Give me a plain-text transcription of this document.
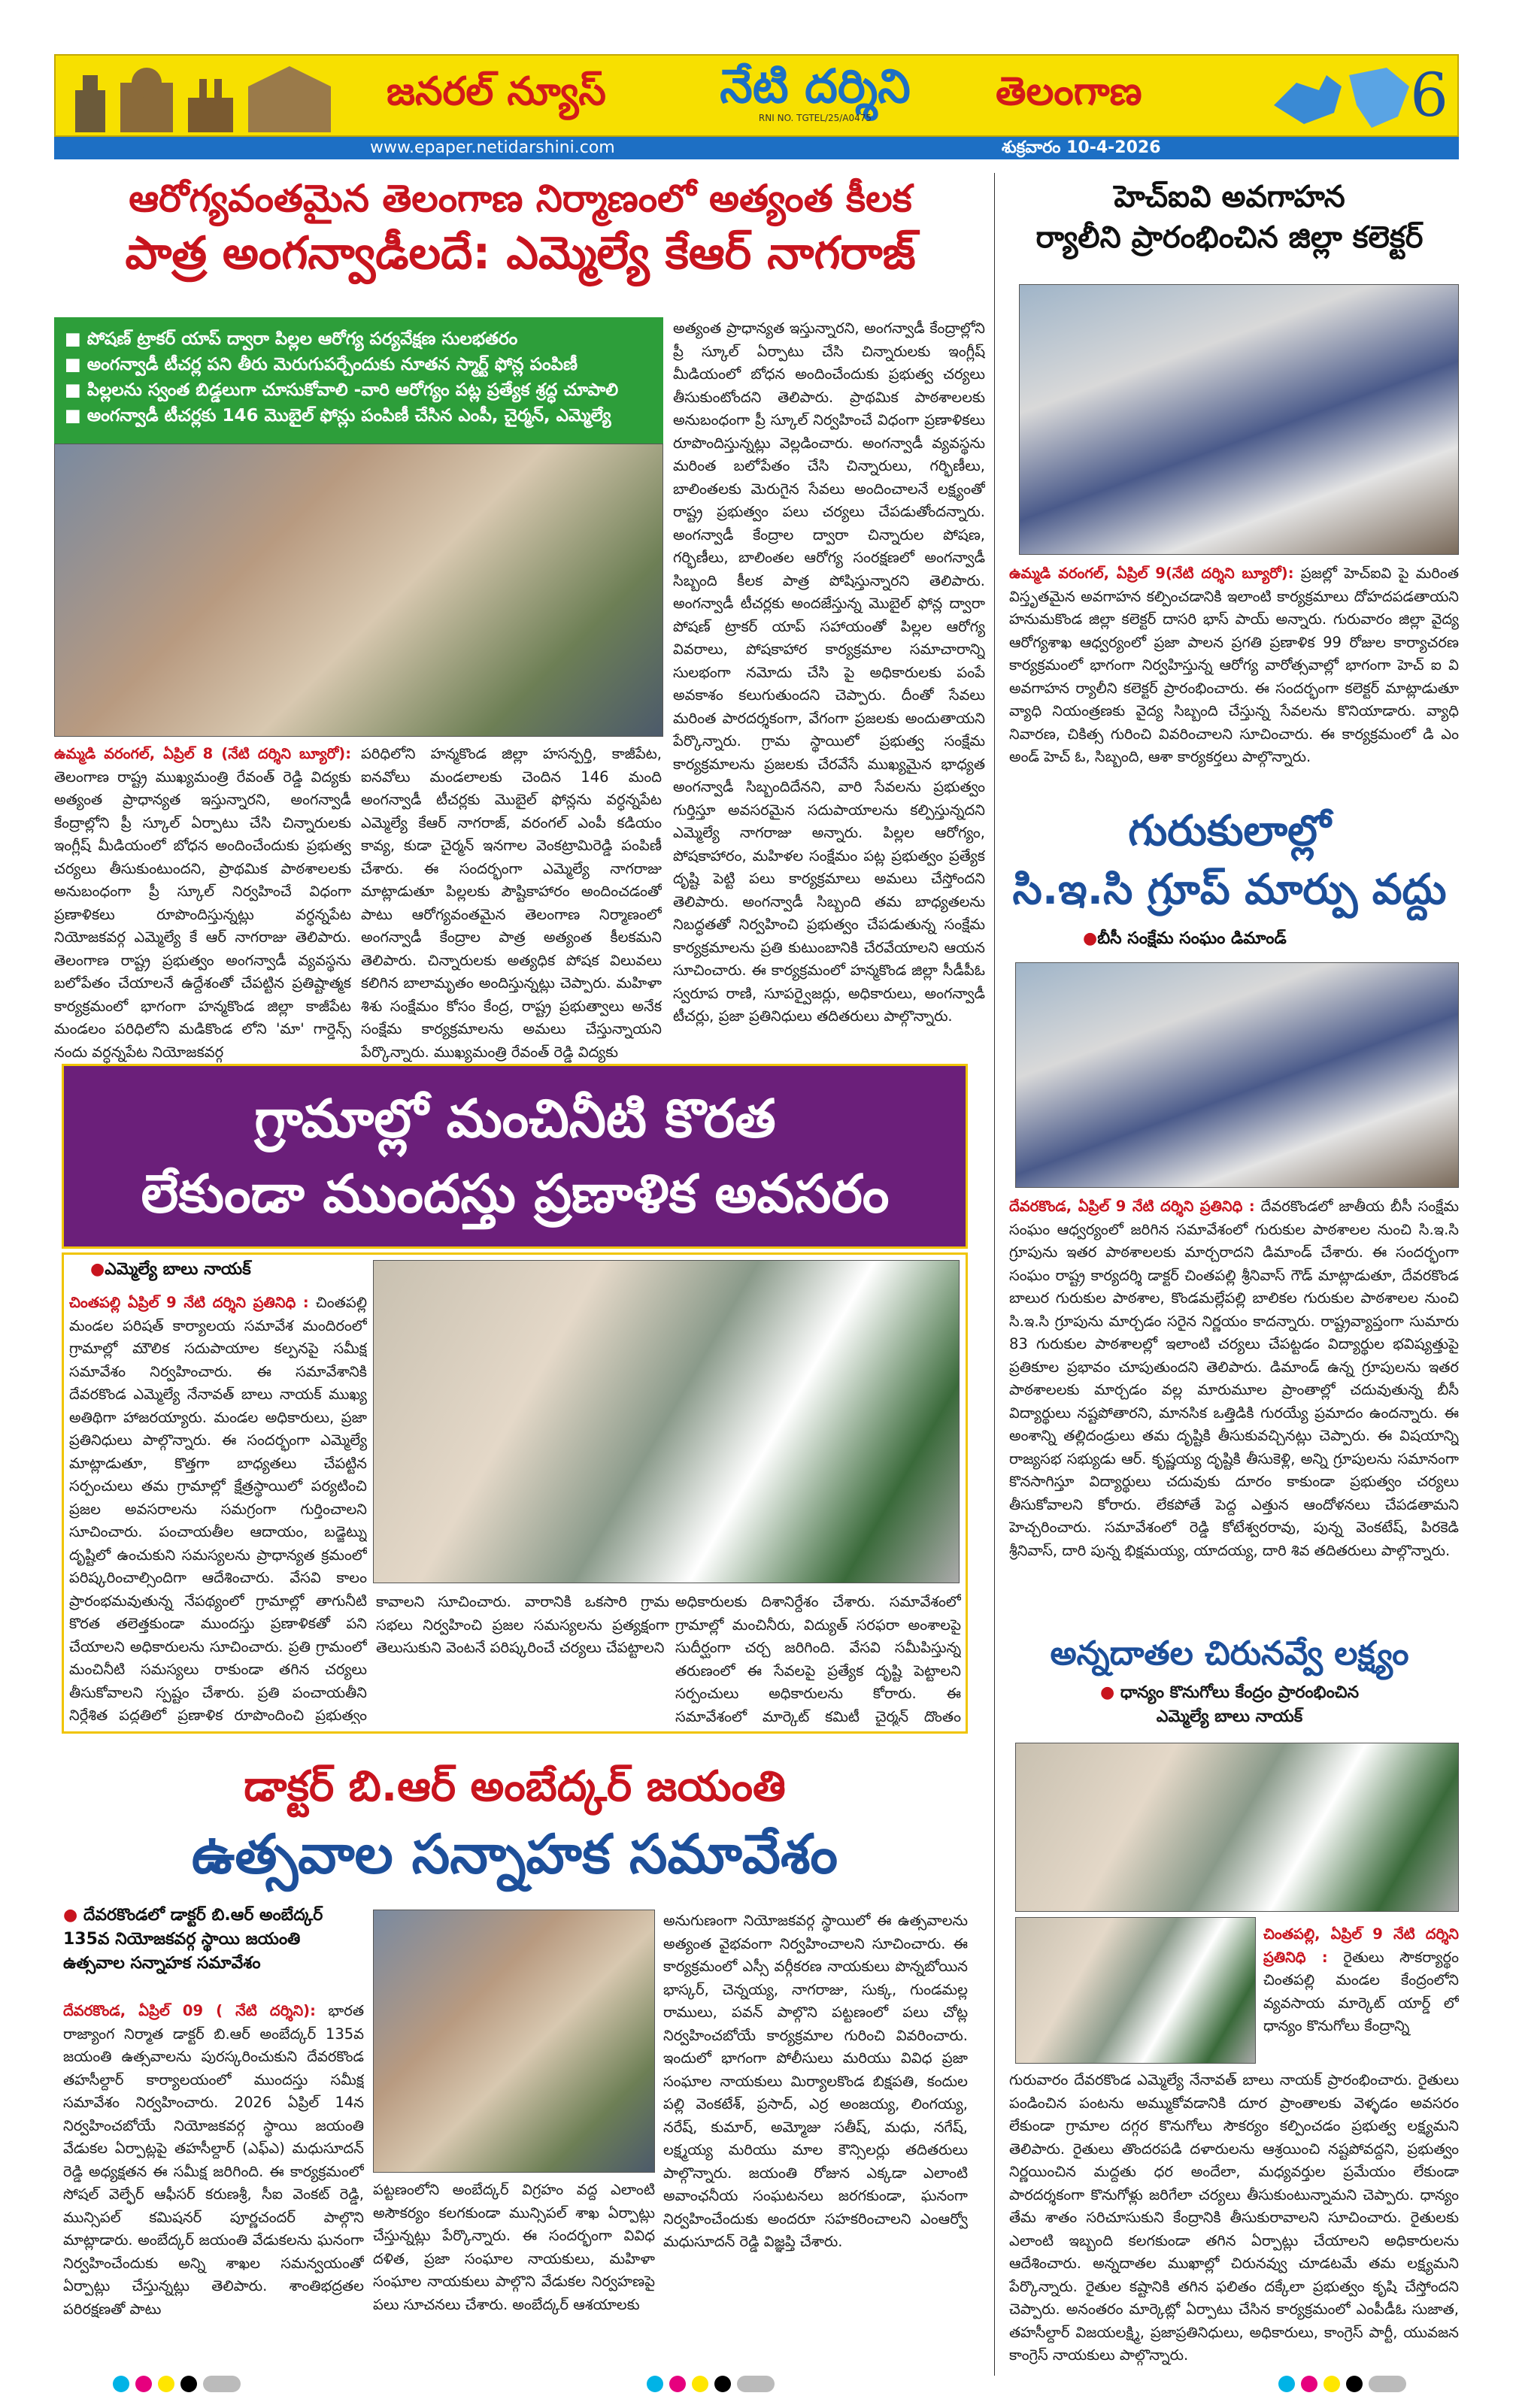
జనరల్ న్యూస్ నేటి దర్శిని
RNI NO. TGTEL/25/A0475
తెలంగాణ	6
www.epaper.netidarshini.com	శుక్రవారం 10-4-2026
ఆరోగ్యవంతమైన తెలంగాణ నిర్మాణంలో అత్యంత కీలక
పాత్ర అంగన్వాడీలదే: ఎమ్మెల్యే కేఆర్ నాగరాజ్
■ పోషణ్ ట్రాకర్ యాప్ ద్వారా పిల్లల ఆరోగ్య పర్యవేక్షణ సులభతరం
■ అంగన్వాడీ టీచర్ల పని తీరు మెరుగుపర్చేందుకు నూతన స్మార్ట్ ఫోన్ల పంపిణీ
■ పిల్లలను స్వంత బిడ్డలుగా చూసుకోవాలి -వారి ఆరోగ్యం పట్ల ప్రత్యేక శ్రద్ధ చూపాలి
■ అంగన్వాడీ టీచర్లకు 146 మొబైల్ ఫోన్లు పంపిణీ చేసిన ఎంపీ, చైర్మన్, ఎమ్మెల్యే
ఉమ్మడి వరంగల్, ఏప్రిల్ 8 (నేటి దర్శిని బ్యూరో): తెలంగాణ రాష్ట్ర ముఖ్యమంత్రి రేవంత్ రెడ్డి విద్యకు అత్యంత ప్రాధాన్యత ఇస్తున్నారని, అంగన్వాడీ కేంద్రాల్లోని ప్రీ స్కూల్ ఏర్పాటు చేసి చిన్నారులకు ఇంగ్లీష్ మీడియంలో బోధన అందించేందుకు ప్రభుత్వ చర్యలు తీసుకుంటుందని, ప్రాథమిక పాఠశాలలకు అనుబంధంగా ప్రీ స్కూల్ నిర్వహించే విధంగా ప్రణాళికలు రూపొందిస్తున్నట్లు వర్ధన్నపేట నియోజకవర్గ ఎమ్మెల్యే కే ఆర్ నాగరాజు తెలిపారు. తెలంగాణ రాష్ట్ర ప్రభుత్వం అంగన్వాడీ వ్యవస్థను బలోపేతం చేయాలనే ఉద్దేశంతో చేపట్టిన ప్రతిష్టాత్మక కార్యక్రమంలో భాగంగా హన్మకొండ జిల్లా కాజీపేట మండలం పరిధిలోని మడికొండ లోని 'మా' గార్డెన్స్ నందు వర్ధన్నపేట నియోజకవర్గ
పరిధిలోని హన్మకొండ జిల్లా హసన్పర్తి, కాజీపేట, ఐనవోలు మండలాలకు చెందిన 146 మంది అంగన్వాడీ టీచర్లకు మొబైల్ ఫోన్లను వర్ధన్నపేట ఎమ్మెల్యే కేఆర్ నాగరాజ్, వరంగల్ ఎంపీ కడియం కావ్య, కుడా చైర్మన్ ఇనగాల వెంకట్రామిరెడ్డి పంపిణీ చేశారు. ఈ సందర్భంగా ఎమ్మెల్యే నాగరాజు మాట్లాడుతూ పిల్లలకు పౌష్టికాహారం అందించడంతో పాటు ఆరోగ్యవంతమైన తెలంగాణ నిర్మాణంలో అంగన్వాడీ కేంద్రాల పాత్ర అత్యంత కీలకమని తెలిపారు. చిన్నారులకు అత్యధిక పోషక విలువలు కలిగిన బాలామృతం అందిస్తున్నట్లు చెప్పారు. మహిళా శిశు సంక్షేమం కోసం కేంద్ర, రాష్ట్ర ప్రభుత్వాలు అనేక సంక్షేమ కార్యక్రమాలను అమలు చేస్తున్నాయని పేర్కొన్నారు. ముఖ్యమంత్రి రేవంత్ రెడ్డి విద్యకు
అత్యంత ప్రాధాన్యత ఇస్తున్నారని, అంగన్వాడీ కేంద్రాల్లోని ప్రీ స్కూల్ ఏర్పాటు చేసి చిన్నారులకు ఇంగ్లీష్ మీడియంలో బోధన అందించేందుకు ప్రభుత్వ చర్యలు తీసుకుంటోందని తెలిపారు. ప్రాథమిక పాఠశాలలకు అనుబంధంగా ప్రీ స్కూల్ నిర్వహించే విధంగా ప్రణాళికలు రూపొందిస్తున్నట్లు వెల్లడించారు. అంగన్వాడీ వ్యవస్థను మరింత బలోపేతం చేసి చిన్నారులు, గర్భిణీలు, బాలింతలకు మెరుగైన సేవలు అందించాలనే లక్ష్యంతో రాష్ట్ర ప్రభుత్వం పలు చర్యలు చేపడుతోందన్నారు. అంగన్వాడీ కేంద్రాల ద్వారా చిన్నారుల పోషణ, గర్భిణీలు, బాలింతల ఆరోగ్య సంరక్షణలో అంగన్వాడీ సిబ్బంది కీలక పాత్ర పోషిస్తున్నారని తెలిపారు. అంగన్వాడీ టీచర్లకు అందజేస్తున్న మొబైల్ ఫోన్ల ద్వారా పోషణ్ ట్రాకర్ యాప్ సహాయంతో పిల్లల ఆరోగ్య వివరాలు, పోషకాహార కార్యక్రమాల సమాచారాన్ని సులభంగా నమోదు చేసి పై అధికారులకు పంపే అవకాశం కలుగుతుందని చెప్పారు. దీంతో సేవలు మరింత పారదర్శకంగా, వేగంగా ప్రజలకు అందుతాయని పేర్కొన్నారు. గ్రామ స్థాయిలో ప్రభుత్వ సంక్షేమ కార్యక్రమాలను ప్రజలకు చేరవేసే ముఖ్యమైన భాధ్యత అంగన్వాడీ సిబ్బందిదేనని, వారి సేవలను ప్రభుత్వం గుర్తిస్తూ అవసరమైన సదుపాయాలను కల్పిస్తున్నదని ఎమ్మెల్యే నాగరాజు అన్నారు. పిల్లల ఆరోగ్యం, పోషకాహారం, మహిళల సంక్షేమం పట్ల ప్రభుత్వం ప్రత్యేక దృష్టి పెట్టి పలు కార్యక్రమాలు అమలు చేస్తోందని తెలిపారు. అంగన్వాడీ సిబ్బంది తమ బాధ్యతలను నిబద్ధతతో నిర్వహించి ప్రభుత్వం చేపడుతున్న సంక్షేమ కార్యక్రమాలను ప్రతి కుటుంబానికి చేరవేయాలని ఆయన సూచించారు. ఈ కార్యక్రమంలో హన్మకొండ జిల్లా సీడీపీఓ స్వరూప రాణి, సూపర్వైజర్లు, అధికారులు, అంగన్వాడీ టీచర్లు, ప్రజా ప్రతినిధులు తదితరులు పాల్గొన్నారు.
హెచ్ఐవి అవగాహన
ర్యాలీని ప్రారంభించిన జిల్లా కలెక్టర్
ఉమ్మడి వరంగల్, ఏప్రిల్ 9(నేటి దర్శిని బ్యూరో): ప్రజల్లో హెచ్ఐవి పై మరింత విస్తృతమైన అవగాహన కల్పించడానికి ఇలాంటి కార్యక్రమాలు దోహదపడతాయని హనుమకొండ జిల్లా కలెక్టర్ దాసరి భాస్ పాయ్ అన్నారు. గురువారం జిల్లా వైద్య ఆరోగ్యశాఖ ఆధ్వర్యంలో ప్రజా పాలన ప్రగతి ప్రణాళిక 99 రోజుల కార్యాచరణ కార్యక్రమంలో భాగంగా నిర్వహిస్తున్న ఆరోగ్య వారోత్సవాల్లో భాగంగా హెచ్ ఐ వి అవగాహన ర్యాలీని కలెక్టర్ ప్రారంభించారు. ఈ సందర్భంగా కలెక్టర్ మాట్లాడుతూ వ్యాధి నియంత్రణకు వైద్య సిబ్బంది చేస్తున్న సేవలను కొనియాడారు. వ్యాధి నివారణ, చికిత్స గురించి వివరించాలని సూచించారు. ఈ కార్యక్రమంలో డి ఎం అండ్ హెచ్ ఓ, సిబ్బంది, ఆశా కార్యకర్తలు పాల్గొన్నారు.
గురుకులాల్లో
సి.ఇ.సి గ్రూప్ మార్పు వద్దు
● బీసీ సంక్షేమ సంఘం డిమాండ్
దేవరకొండ, ఏప్రిల్ 9 నేటి దర్శిని ప్రతినిధి : దేవరకొండలో జాతీయ బీసీ సంక్షేమ సంఘం ఆధ్వర్యంలో జరిగిన సమావేశంలో గురుకుల పాఠశాలల నుంచి సి.ఇ.సి గ్రూపును ఇతర పాఠశాలలకు మార్చరాదని డిమాండ్ చేశారు. ఈ సందర్భంగా సంఘం రాష్ట్ర కార్యదర్శి డాక్టర్ చింతపల్లి శ్రీనివాస్ గౌడ్ మాట్లాడుతూ, దేవరకొండ బాలుర గురుకుల పాఠశాల, కొండమల్లేపల్లి బాలికల గురుకుల పాఠశాలల నుంచి సి.ఇ.సి గ్రూపును మార్చడం సరైన నిర్ణయం కాదన్నారు. రాష్ట్రవ్యాప్తంగా సుమారు 83 గురుకుల పాఠశాలల్లో ఇలాంటి చర్యలు చేపట్టడం విద్యార్థుల భవిష్యత్తుపై ప్రతికూల ప్రభావం చూపుతుందని తెలిపారు. డిమాండ్ ఉన్న గ్రూపులను ఇతర పాఠశాలలకు మార్చడం వల్ల మారుమూల ప్రాంతాల్లో చదువుతున్న బీసీ విద్యార్థులు నష్టపోతారని, మానసిక ఒత్తిడికి గురయ్యే ప్రమాదం ఉందన్నారు. ఈ అంశాన్ని తల్లిదండ్రులు తమ దృష్టికి తీసుకువచ్చినట్లు చెప్పారు. ఈ విషయాన్ని రాజ్యసభ సభ్యుడు ఆర్. కృష్ణయ్య దృష్టికి తీసుకెళ్లి, అన్ని గ్రూపులను సమానంగా కొనసాగిస్తూ విద్యార్థులు చదువుకు దూరం కాకుండా ప్రభుత్వం చర్యలు తీసుకోవాలని కోరారు. లేకపోతే పెద్ద ఎత్తున ఆందోళనలు చేపడతామని హెచ్చరించారు. సమావేశంలో రెడ్డి కోటేశ్వరరావు, పున్న వెంకటేష్, పిరకెడి శ్రీనివాస్, దారి పున్న భిక్షమయ్య, యాదయ్య, దారి శివ తదితరులు పాల్గొన్నారు.
గ్రామాల్లో మంచినీటి కొరత
లేకుండా ముందస్తు ప్రణాళిక అవసరం
● ఎమ్మెల్యే బాలు నాయక్
చింతపల్లి ఏప్రిల్ 9 నేటి దర్శిని ప్రతినిధి : చింతపల్లి మండల పరిషత్ కార్యాలయ సమావేశ మందిరంలో గ్రామాల్లో మౌలిక సదుపాయాల కల్పనపై సమీక్ష సమావేశం నిర్వహించారు. ఈ సమావేశానికి దేవరకొండ ఎమ్మెల్యే నేనావత్ బాలు నాయక్ ముఖ్య అతిథిగా హాజరయ్యారు. మండల అధికారులు, ప్రజా ప్రతినిధులు పాల్గొన్నారు. ఈ సందర్భంగా ఎమ్మెల్యే మాట్లాడుతూ, కొత్తగా బాధ్యతలు చేపట్టిన సర్పంచులు తమ గ్రామాల్లో క్షేత్రస్థాయిలో పర్యటించి ప్రజల అవసరాలను సమగ్రంగా గుర్తించాలని సూచించారు. పంచాయతీల ఆదాయం, బడ్జెట్ను దృష్టిలో ఉంచుకుని సమస్యలను ప్రాధాన్యత క్రమంలో పరిష్కరించాల్సిందిగా ఆదేశించారు. వేసవి కాలం ప్రారంభమవుతున్న నేపథ్యంలో గ్రామాల్లో తాగునీటి కొరత తలెత్తకుండా ముందస్తు ప్రణాళికతో పని చేయాలని అధికారులను సూచించారు. ప్రతి గ్రామంలో మంచినీటి సమస్యలు రాకుండా తగిన చర్యలు తీసుకోవాలని స్పష్టం చేశారు. ప్రతి పంచాయతీని నిర్దేశిత పద్ధతిలో ప్రణాళిక రూపొందించి ప్రభుత్వం
కావాలని సూచించారు. వారానికి ఒకసారి గ్రామ సభలు నిర్వహించి ప్రజల సమస్యలను ప్రత్యక్షంగా తెలుసుకుని వెంటనే పరిష్కరించే చర్యలు చేపట్టాలని
అధికారులకు దిశానిర్దేశం చేశారు. సమావేశంలో గ్రామాల్లో మంచినీరు, విద్యుత్ సరఫరా అంశాలపై సుదీర్ఘంగా చర్చ జరిగింది. వేసవి సమీపిస్తున్న తరుణంలో ఈ సేవలపై ప్రత్యేక దృష్టి పెట్టాలని సర్పంచులు అధికారులను కోరారు. ఈ సమావేశంలో మార్కెట్ కమిటీ చైర్మన్ దొంతం
డాక్టర్ బి.ఆర్ అంబేద్కర్ జయంతి
ఉత్సవాల సన్నాహక సమావేశం
● దేవరకొండలో డాక్టర్ బి.ఆర్ అంబేద్కర్ 135వ నియోజకవర్గ స్థాయి జయంతి ఉత్సవాల సన్నాహక సమావేశం
దేవరకొండ, ఏప్రిల్ 09 ( నేటి దర్శిని): భారత రాజ్యాంగ నిర్మాత డాక్టర్ బి.ఆర్ అంబేద్కర్ 135వ జయంతి ఉత్సవాలను పురస్కరించుకుని దేవరకొండ తహసీల్దార్ కార్యాలయంలో ముందస్తు సమీక్ష సమావేశం నిర్వహించారు. 2026 ఏప్రిల్ 14న నిర్వహించబోయే నియోజకవర్గ స్థాయి జయంతి వేడుకల ఏర్పాట్లపై తహసీల్దార్ (ఎఫ్ఎ) మధుసూదన్ రెడ్డి అధ్యక్షతన ఈ సమీక్ష జరిగింది. ఈ కార్యక్రమంలో సోషల్ వెల్ఫేర్ ఆఫీసర్ కరుణశ్రీ, సీఐ వెంకట్ రెడ్డి, మున్సిపల్ కమిషనర్ పూర్ణచందర్ పాల్గొని మాట్లాడారు. అంబేద్కర్ జయంతి వేడుకలను ఘనంగా నిర్వహించేందుకు అన్ని శాఖల సమన్వయంతో ఏర్పాట్లు చేస్తున్నట్లు తెలిపారు. శాంతిభద్రతల పరిరక్షణతో పాటు
పట్టణంలోని అంబేద్కర్ విగ్రహం వద్ద ఎలాంటి అసౌకర్యం కలగకుండా మున్సిపల్ శాఖ ఏర్పాట్లు చేస్తున్నట్లు పేర్కొన్నారు. ఈ సందర్భంగా వివిధ దళిత, ప్రజా సంఘాల నాయకులు, మహిళా సంఘాల నాయకులు పాల్గొని వేడుకల నిర్వహణపై పలు సూచనలు చేశారు. అంబేద్కర్ ఆశయాలకు
అనుగుణంగా నియోజకవర్గ స్థాయిలో ఈ ఉత్సవాలను అత్యంత వైభవంగా నిర్వహించాలని సూచించారు. ఈ కార్యక్రమంలో ఎస్సీ వర్గీకరణ నాయకులు పొన్నబోయిన భాస్కర్, చెన్నయ్య, నాగరాజు, సుక్క, గుండమల్ల రాములు, పవన్ పాల్గొని పట్టణంలో పలు చోట్ల నిర్వహించబోయే కార్యక్రమాల గురించి వివరించారు. ఇందులో భాగంగా పోలీసులు మరియు వివిధ ప్రజా సంఘాల నాయకులు మిర్యాలకొండ బిక్షపతి, కందుల పల్లి వెంకటేశ్, ప్రసాద్, ఎర్ర అంజయ్య, లింగయ్య, నరేష్, కుమార్, అమ్మోజు సతీష్, మధు, నగేష్, లక్ష్మయ్య మరియు మాల కౌన్సిలర్లు తదితరులు పాల్గొన్నారు. జయంతి రోజున ఎక్కడా ఎలాంటి అవాంఛనీయ సంఘటనలు జరగకుండా, ఘనంగా నిర్వహించేందుకు అందరూ సహకరించాలని ఎంఆర్వో మధుసూదన్ రెడ్డి విజ్ఞప్తి చేశారు.
అన్నదాతల చిరునవ్వే లక్ష్యం
● ధాన్యం కొనుగోలు కేంద్రం ప్రారంభించిన
ఎమ్మెల్యే బాలు నాయక్
చింతపల్లి, ఏప్రిల్ 9 నేటి దర్శిని ప్రతినిధి : రైతులు సౌకర్యార్థం చింతపల్లి మండల కేంద్రంలోని వ్యవసాయ మార్కెట్ యార్డ్ లో ధాన్యం కొనుగోలు కేంద్రాన్ని
గురువారం దేవరకొండ ఎమ్మెల్యే నేనావత్ బాలు నాయక్ ప్రారంభించారు. రైతులు పండించిన పంటను అమ్ముకోవడానికి దూర ప్రాంతాలకు వెళ్ళడం అవసరం లేకుండా గ్రామాల దగ్గర కొనుగోలు సౌకర్యం కల్పించడం ప్రభుత్వ లక్ష్యమని తెలిపారు. రైతులు తొందరపడి దళారులను ఆశ్రయించి నష్టపోవద్దని, ప్రభుత్వం నిర్ణయించిన మద్దతు ధర అందేలా, మధ్యవర్తుల ప్రమేయం లేకుండా పారదర్శకంగా కొనుగోళ్లు జరిగేలా చర్యలు తీసుకుంటున్నామని చెప్పారు. ధాన్యం తేమ శాతం సరిచూసుకుని కేంద్రానికి తీసుకురావాలని సూచించారు. రైతులకు ఎలాంటి ఇబ్బంది కలగకుండా తగిన ఏర్పాట్లు చేయాలని అధికారులను ఆదేశించారు. అన్నదాతల ముఖాల్లో చిరునవ్వు చూడటమే తమ లక్ష్యమని పేర్కొన్నారు. రైతుల కష్టానికి తగిన ఫలితం దక్కేలా ప్రభుత్వం కృషి చేస్తోందని చెప్పారు. అనంతరం మార్కెట్లో ఏర్పాటు చేసిన కార్యక్రమంలో ఎంపీడీఓ సుజాత, తహసీల్దార్ విజయలక్ష్మి, ప్రజాప్రతినిధులు, అధికారులు, కాంగ్రెస్ పార్టీ, యువజన కాంగ్రెస్ నాయకులు పాల్గొన్నారు.
